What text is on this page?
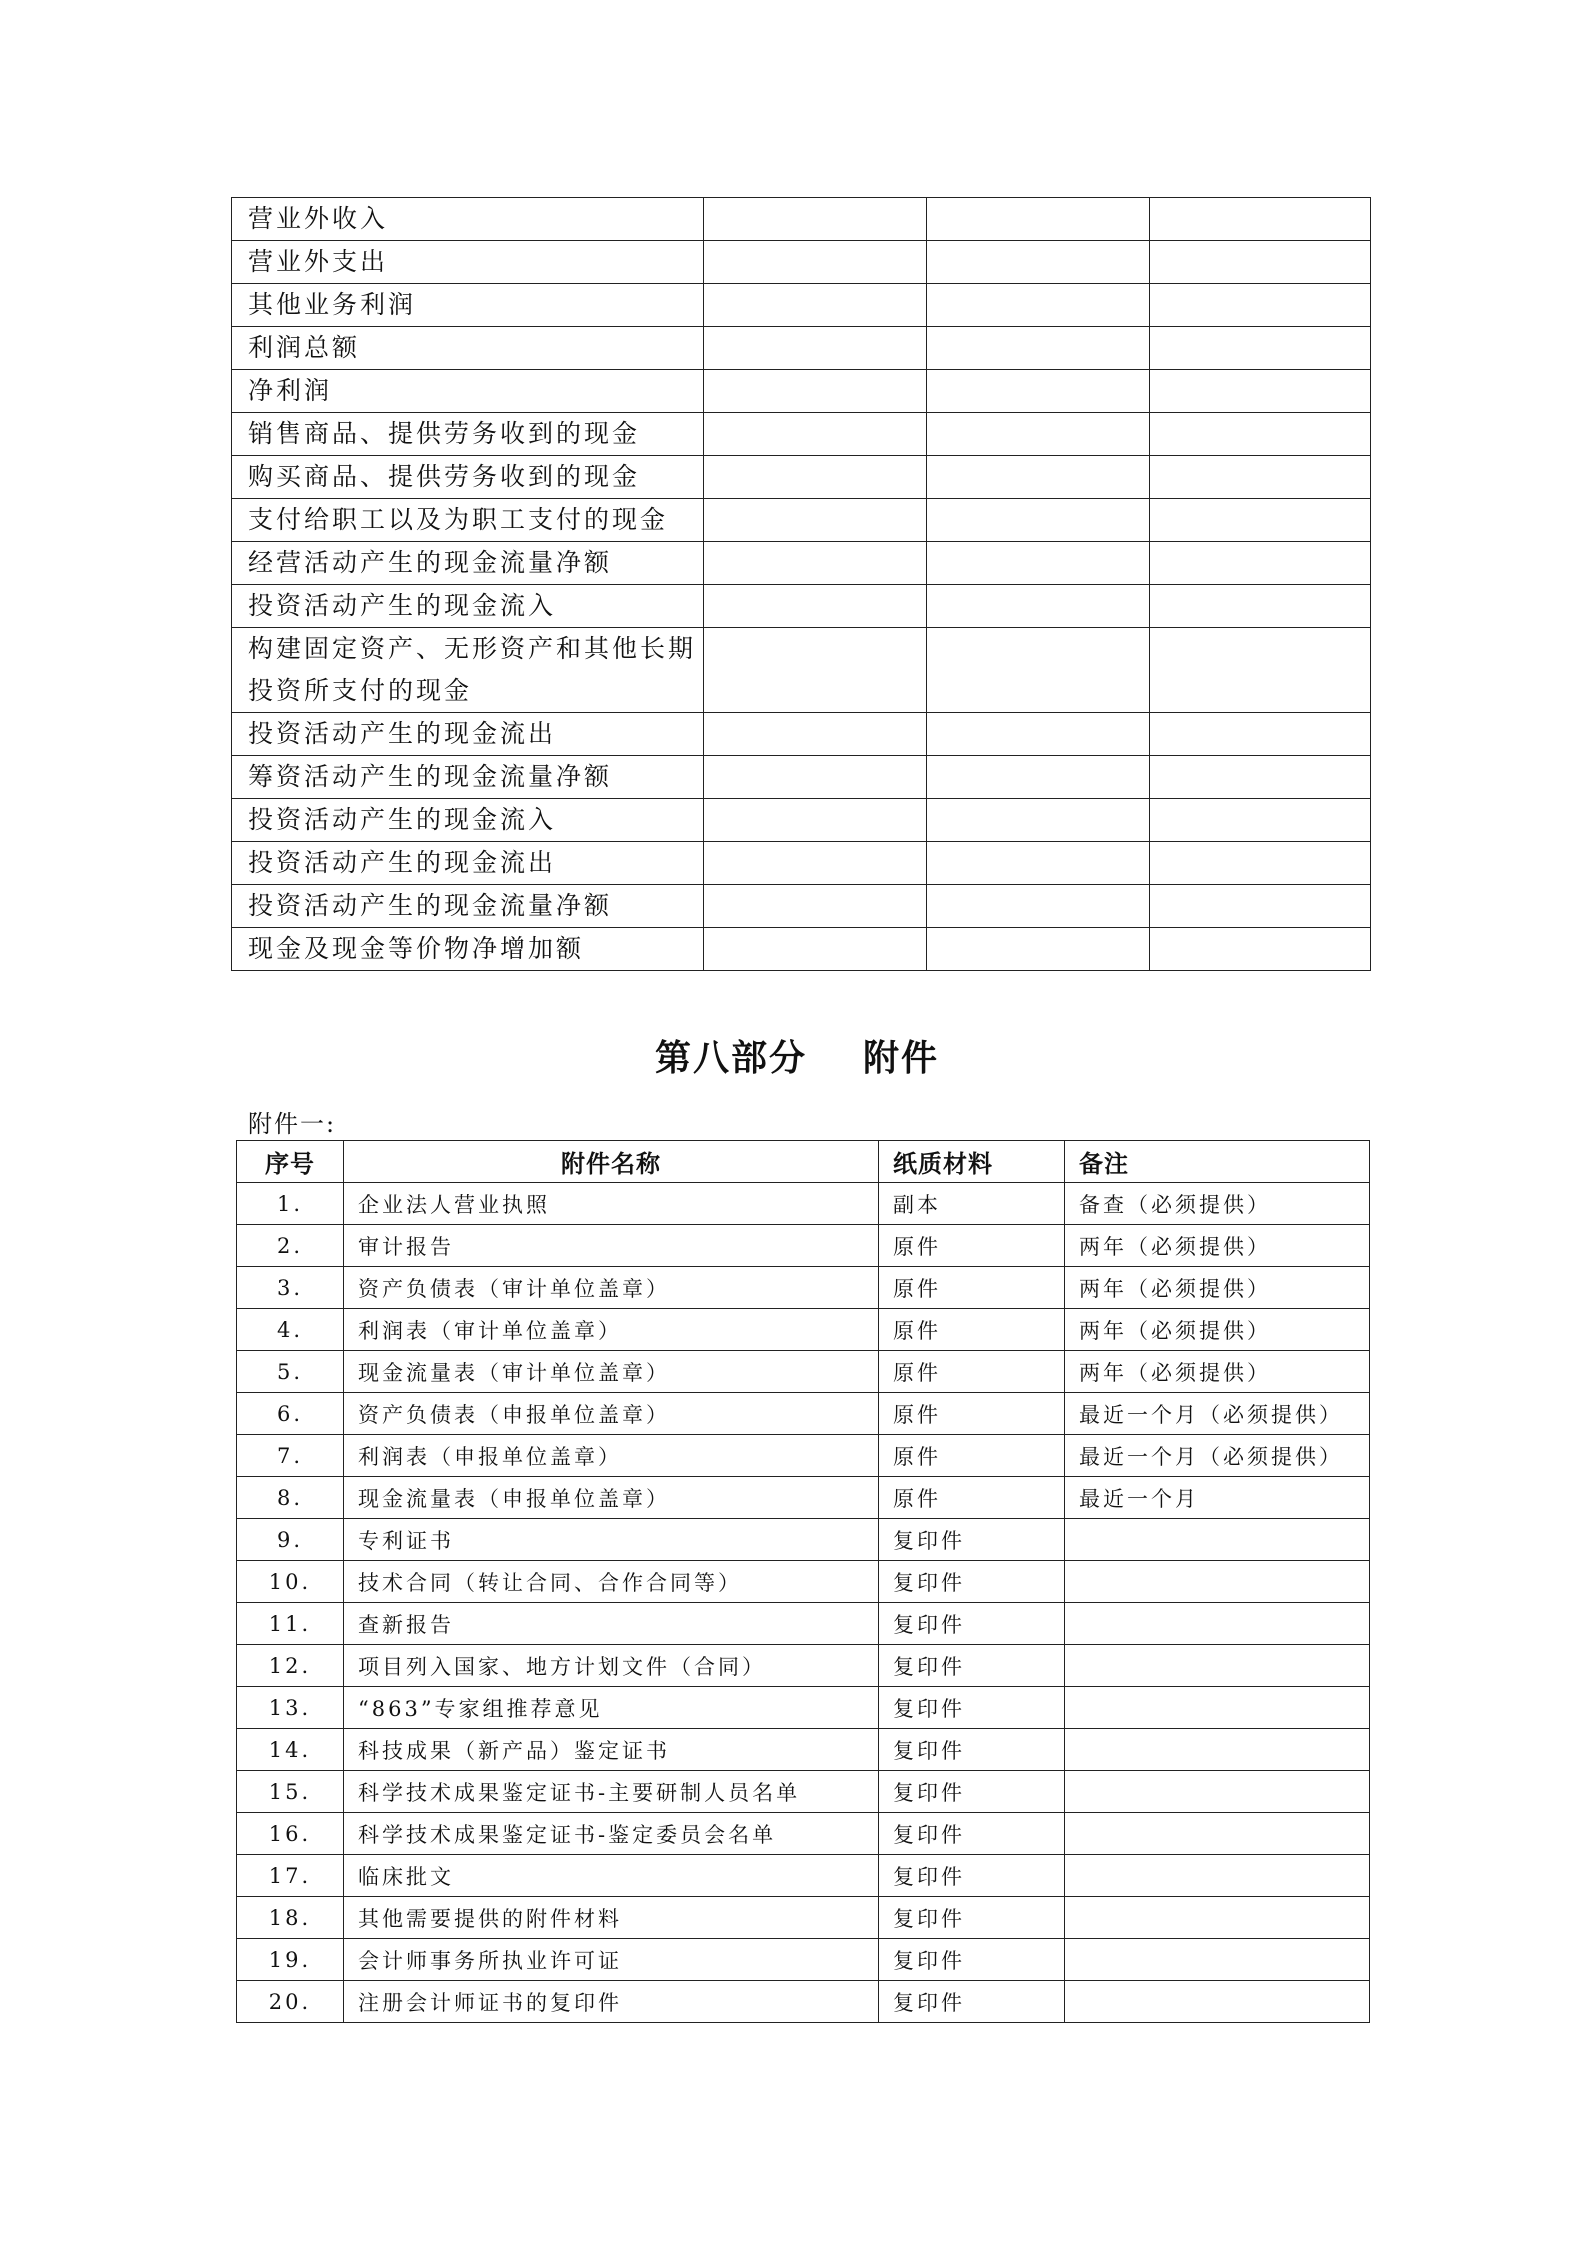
营业外收入			
营业外支出			
其他业务利润			
利润总额			
净利润			
销售商品、提供劳务收到的现金			
购买商品、提供劳务收到的现金			
支付给职工以及为职工支付的现金			
经营活动产生的现金流量净额			
投资活动产生的现金流入			
构建固定资产、无形资产和其他长期投资所支付的现金			
投资活动产生的现金流出			
筹资活动产生的现金流量净额			
投资活动产生的现金流入			
投资活动产生的现金流出			
投资活动产生的现金流量净额			
现金及现金等价物净增加额			
第八部分 附件
附件一:
序号	附件名称	纸质材料	备注
1.	企业法人营业执照	副本	备查（必须提供）
2.	审计报告	原件	两年（必须提供）
3.	资产负债表（审计单位盖章）	原件	两年（必须提供）
4.	利润表（审计单位盖章）	原件	两年（必须提供）
5.	现金流量表（审计单位盖章）	原件	两年（必须提供）
6.	资产负债表（申报单位盖章）	原件	最近一个月（必须提供）
7.	利润表（申报单位盖章）	原件	最近一个月（必须提供）
8.	现金流量表（申报单位盖章）	原件	最近一个月
9.	专利证书	复印件	
10.	技术合同（转让合同、合作合同等）	复印件	
11.	查新报告	复印件	
12.	项目列入国家、地方计划文件（合同）	复印件	
13.	“863”专家组推荐意见	复印件	
14.	科技成果（新产品）鉴定证书	复印件	
15.	科学技术成果鉴定证书-主要研制人员名单	复印件	
16.	科学技术成果鉴定证书-鉴定委员会名单	复印件	
17.	临床批文	复印件	
18.	其他需要提供的附件材料	复印件	
19.	会计师事务所执业许可证	复印件	
20.	注册会计师证书的复印件	复印件	
